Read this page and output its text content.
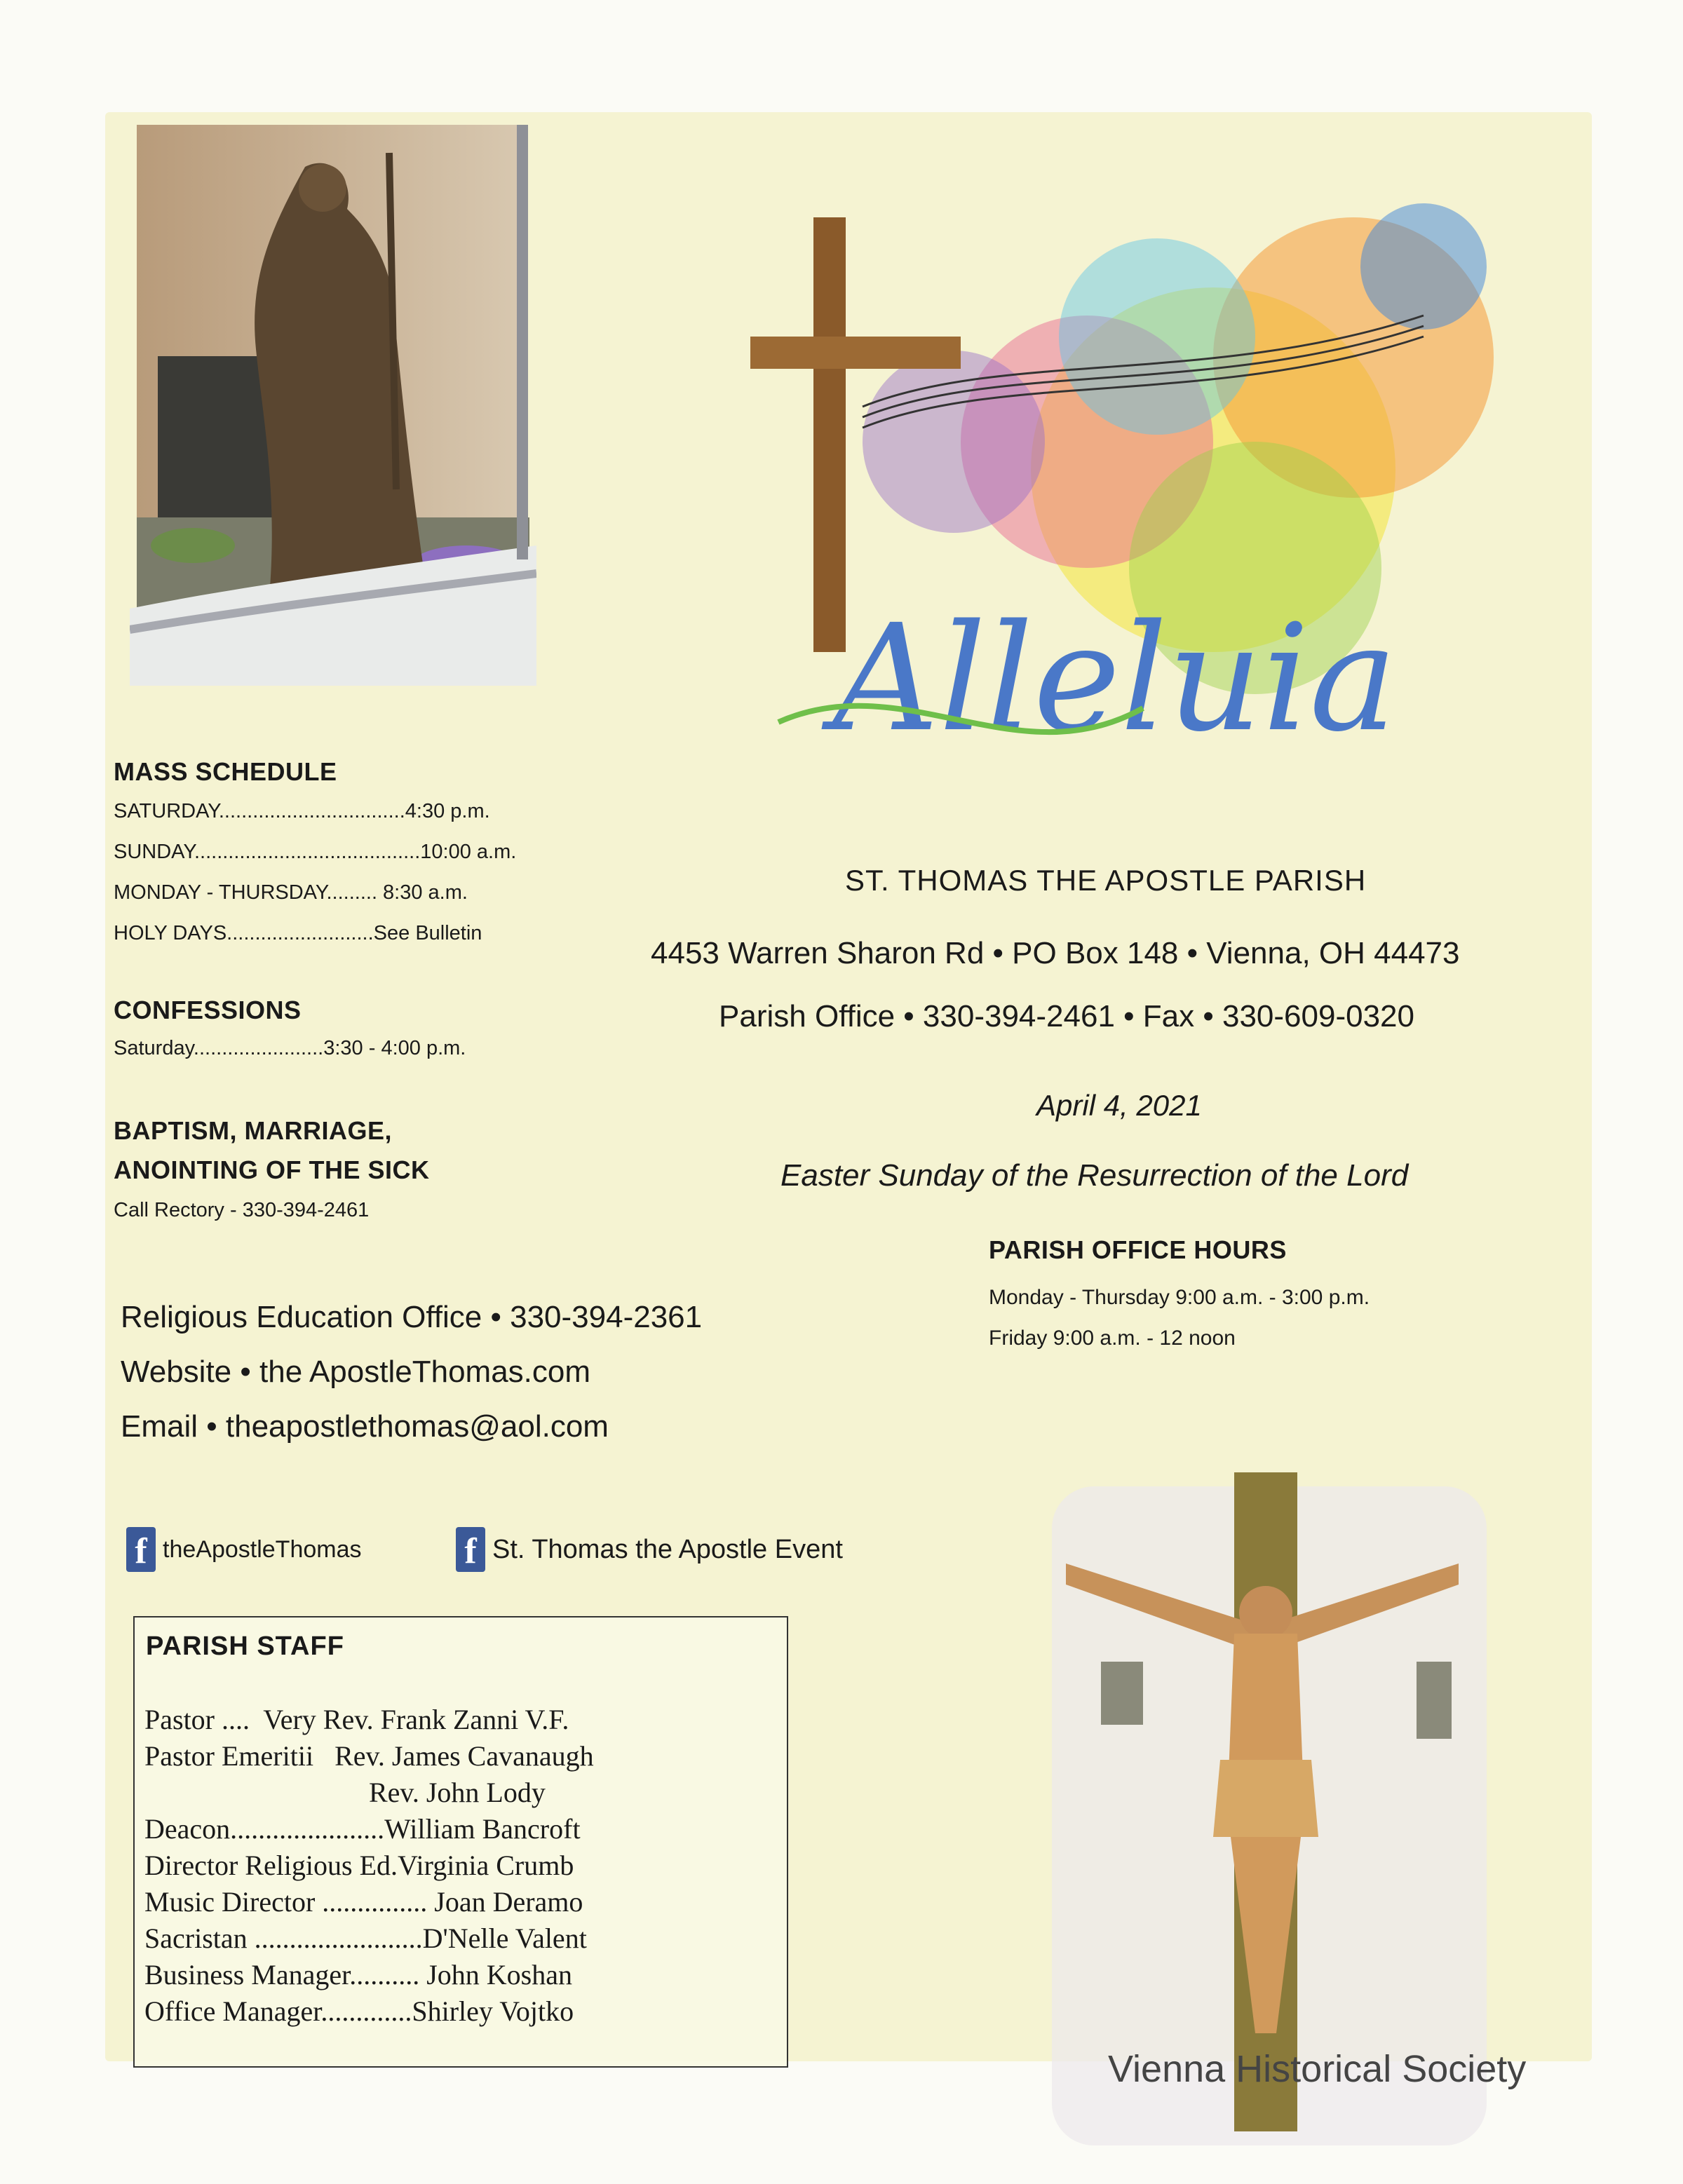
Alleluia
MASS SCHEDULE
SATURDAY.................................4:30 p.m.
SUNDAY........................................10:00 a.m.
MONDAY - THURSDAY......... 8:30 a.m.
HOLY DAYS..........................See Bulletin
CONFESSIONS
Saturday.......................3:30 - 4:00 p.m.
BAPTISM, MARRIAGE,
ANOINTING OF THE SICK
Call Rectory - 330-394-2461
ST. THOMAS THE APOSTLE PARISH
4453 Warren Sharon Rd • PO Box 148 • Vienna, OH 44473
Parish Office • 330-394-2461 • Fax • 330-609-0320
April 4, 2021
Easter Sunday of the Resurrection of the Lord
PARISH OFFICE HOURS
Monday - Thursday 9:00 a.m. - 3:00 p.m.
Friday 9:00 a.m. - 12 noon
Religious Education Office • 330-394-2361
Website • the ApostleThomas.com
Email • theapostlethomas@aol.com
f theApostleThomas	f St. Thomas the Apostle Event
PARISH STAFF
Pastor ....  Very Rev. Frank Zanni V.F.
Pastor Emeritii   Rev. James Cavanaugh
Rev. John Lody
Deacon......................William Bancroft
Director Religious Ed.Virginia Crumb
Music Director ............... Joan Deramo
Sacristan ........................D'Nelle Valent
Business Manager.......... John Koshan
Office Manager.............Shirley Vojtko
Vienna Historical Society
